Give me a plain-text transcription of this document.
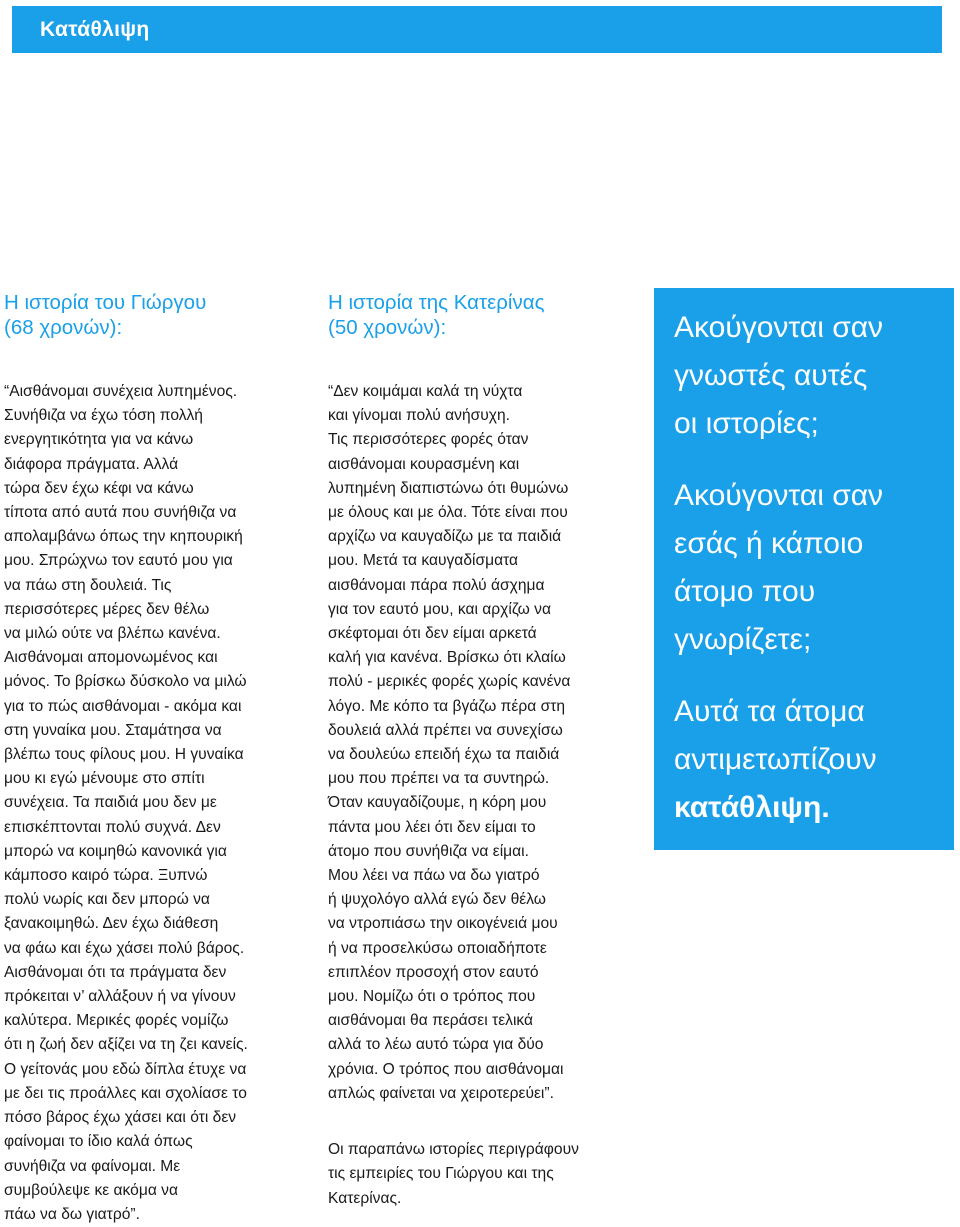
Κατάθλιψη
Η ιστορία του Γιώργου
(68 χρονών):
“Αισθάνομαι συνέχεια λυπημένος.
Συνήθιζα να έχω τόση πολλή
ενεργητικότητα για να κάνω
διάφορα πράγματα. Αλλά
τώρα δεν έχω κέφι να κάνω
τίποτα από αυτά που συνήθιζα να
απολαμβάνω όπως την κηπουρική
μου. Σπρώχνω τον εαυτό μου για
να πάω στη δουλειά. Τις
περισσότερες μέρες δεν θέλω
να μιλώ ούτε να βλέπω κανένα.
Αισθάνομαι απομονωμένος και
μόνος. Το βρίσκω δύσκολο να μιλώ
για το πώς αισθάνομαι - ακόμα και
στη γυναίκα μου. Σταμάτησα να
βλέπω τους φίλους μου. Η γυναίκα
μου κι εγώ μένουμε στο σπίτι
συνέχεια. Τα παιδιά μου δεν με
επισκέπτονται πολύ συχνά. Δεν
μπορώ να κοιμηθώ κανονικά για
κάμποσο καιρό τώρα. Ξυπνώ
πολύ νωρίς και δεν μπορώ να
ξανακοιμηθώ. Δεν έχω διάθεση
να φάω και έχω χάσει πολύ βάρος.
Αισθάνομαι ότι τα πράγματα δεν
πρόκειται ν’ αλλάξουν ή να γίνουν
καλύτερα. Μερικές φορές νομίζω
ότι η ζωή δεν αξίζει να τη ζει κανείς.
Ο γείτονάς μου εδώ δίπλα έτυχε να
με δει τις προάλλες και σχολίασε το
πόσο βάρος έχω χάσει και ότι δεν
φαίνομαι το ίδιο καλά όπως
συνήθιζα να φαίνομαι. Με
συμβούλεψε κε ακόμα να
πάω να δω γιατρό”.
Η ιστορία της Κατερίνας
(50 χρονών):
“Δεν κοιμάμαι καλά τη νύχτα
και γίνομαι πολύ ανήσυχη.
Τις περισσότερες φορές όταν
αισθάνομαι κουρασμένη και
λυπημένη διαπιστώνω ότι θυμώνω
με όλους και με όλα. Τότε είναι που
αρχίζω να καυγαδίζω με τα παιδιά
μου. Μετά τα καυγαδίσματα
αισθάνομαι πάρα πολύ άσχημα
για τον εαυτό μου, και αρχίζω να
σκέφτομαι ότι δεν είμαι αρκετά
καλή για κανένα. Βρίσκω ότι κλαίω
πολύ - μερικές φορές χωρίς κανένα
λόγο. Με κόπο τα βγάζω πέρα στη
δουλειά αλλά πρέπει να συνεχίσω
να δουλεύω επειδή έχω τα παιδιά
μου που πρέπει να τα συντηρώ.
Όταν καυγαδίζουμε, η κόρη μου
πάντα μου λέει ότι δεν είμαι το
άτομο που συνήθιζα να είμαι.
Μου λέει να πάω να δω γιατρό
ή ψυχολόγο αλλά εγώ δεν θέλω
να ντροπιάσω την οικογένειά μου
ή να προσελκύσω οποιαδήποτε
επιπλέον προσοχή στον εαυτό
μου. Νομίζω ότι ο τρόπος που
αισθάνομαι θα περάσει τελικά
αλλά το λέω αυτό τώρα για δύο
χρόνια. Ο τρόπος που αισθάνομαι
απλώς φαίνεται να χειροτερεύει”.
Οι παραπάνω ιστορίες περιγράφουν
τις εμπειρίες του Γιώργου και της
Κατερίνας.
Ακούγονται σαν
γνωστές αυτές
οι ιστορίες;
Ακούγονται σαν
εσάς ή κάποιο
άτομο που
γνωρίζετε;
Αυτά τα άτομα
αντιμετωπίζουν
κατάθλιψη.
